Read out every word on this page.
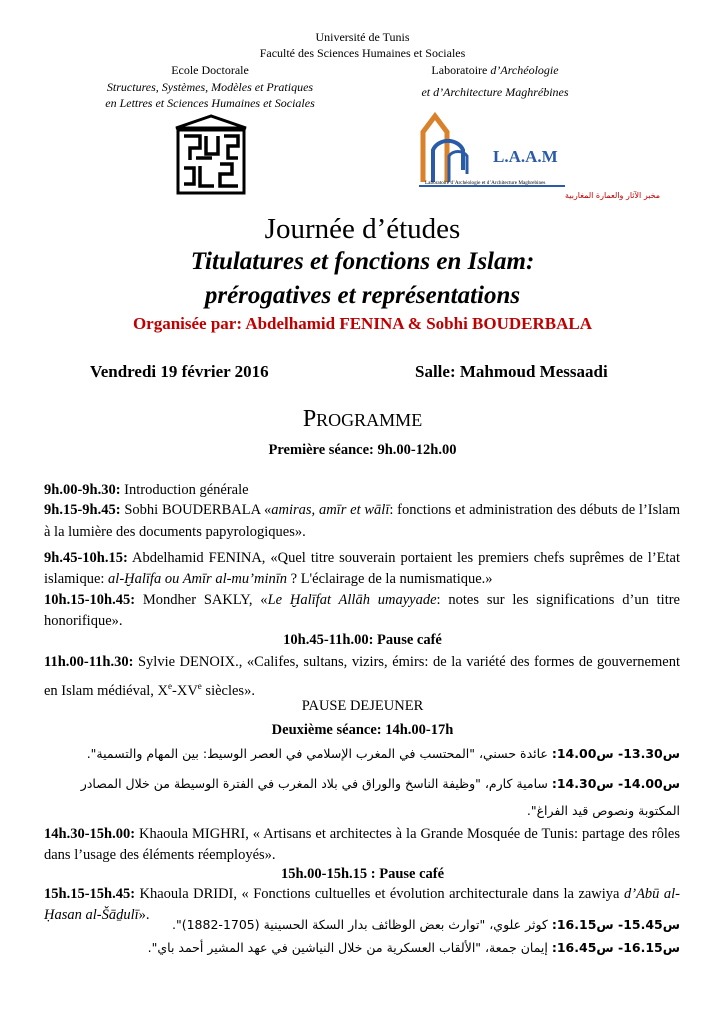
Université de Tunis
Faculté des Sciences Humaines et Sociales
Ecole Doctorale
Structures, Systèmes, Modèles et Pratiques
en Lettres et Sciences Humaines et Sociales
Laboratoire d’Archéologie
et d’Architecture Maghrébines
L.A.A.M
Laboratoire d’Archéologie et d’Architecture Maghrebines
مخبر الآثار والعمارة المغاربية
Journée d’études
Titulatures et fonctions en Islam:
prérogatives et représentations
Organisée par: Abdelhamid FENINA & Sobhi BOUDERBALA
Vendredi 19 février 2016	Salle: Mahmoud Messaadi
PROGRAMME
Première séance: 9h.00-12h.00
9h.00-9h.30: Introduction générale
9h.15-9h.45: Sobhi BOUDERBALA «amiras, amīr et wālī: fonctions et administration des débuts de l’Islam à la lumière des documents papyrologiques».
9h.45-10h.15: Abdelhamid FENINA, «Quel titre souverain portaient les premiers chefs suprêmes de l’Etat islamique: al-Ḫalīfa ou Amīr al-mu’minīn ? L'éclairage de la numismatique.»
10h.15-10h.45: Mondher SAKLY, «Le Ḫalīfat Allāh umayyade: notes sur les significations d’un titre honorifique».
10h.45-11h.00: Pause café
11h.00-11h.30: Sylvie DENOIX., «Califes, sultans, vizirs, émirs: de la variété des formes de gouvernement en Islam médiéval, Xe-XVe siècles».
PAUSE DEJEUNER
Deuxième séance: 14h.00-17h
س13.30- س14.00: عائدة حسني، "المحتسب في المغرب الإسلامي في العصر الوسيط: بين المهام والتسمية".
س14.00- س14.30: سامية كارم، "وظيفة الناسخ والوراق في بلاد المغرب في الفترة الوسيطة من خلال المصادر المكتوبة ونصوص قيد الفراغ".
14h.30-15h.00: Khaoula MIGHRI, « Artisans et architectes à la Grande Mosquée de Tunis: partage des rôles dans l’usage des éléments réemployés».
15h.00-15h.15 : Pause café
15h.15-15h.45: Khaoula DRIDI, « Fonctions cultuelles et évolution architecturale dans la zawiya d’Abū al-Ḥasan al-Šāḏulī».
س15.45- س16.15: كوثر علوي، "توارث بعض الوظائف بدار السكة الحسينية (1705-1882)".
س16.15- س16.45: إيمان جمعة، "الألقاب العسكرية من خلال النياشين في عهد المشير أحمد باي".
